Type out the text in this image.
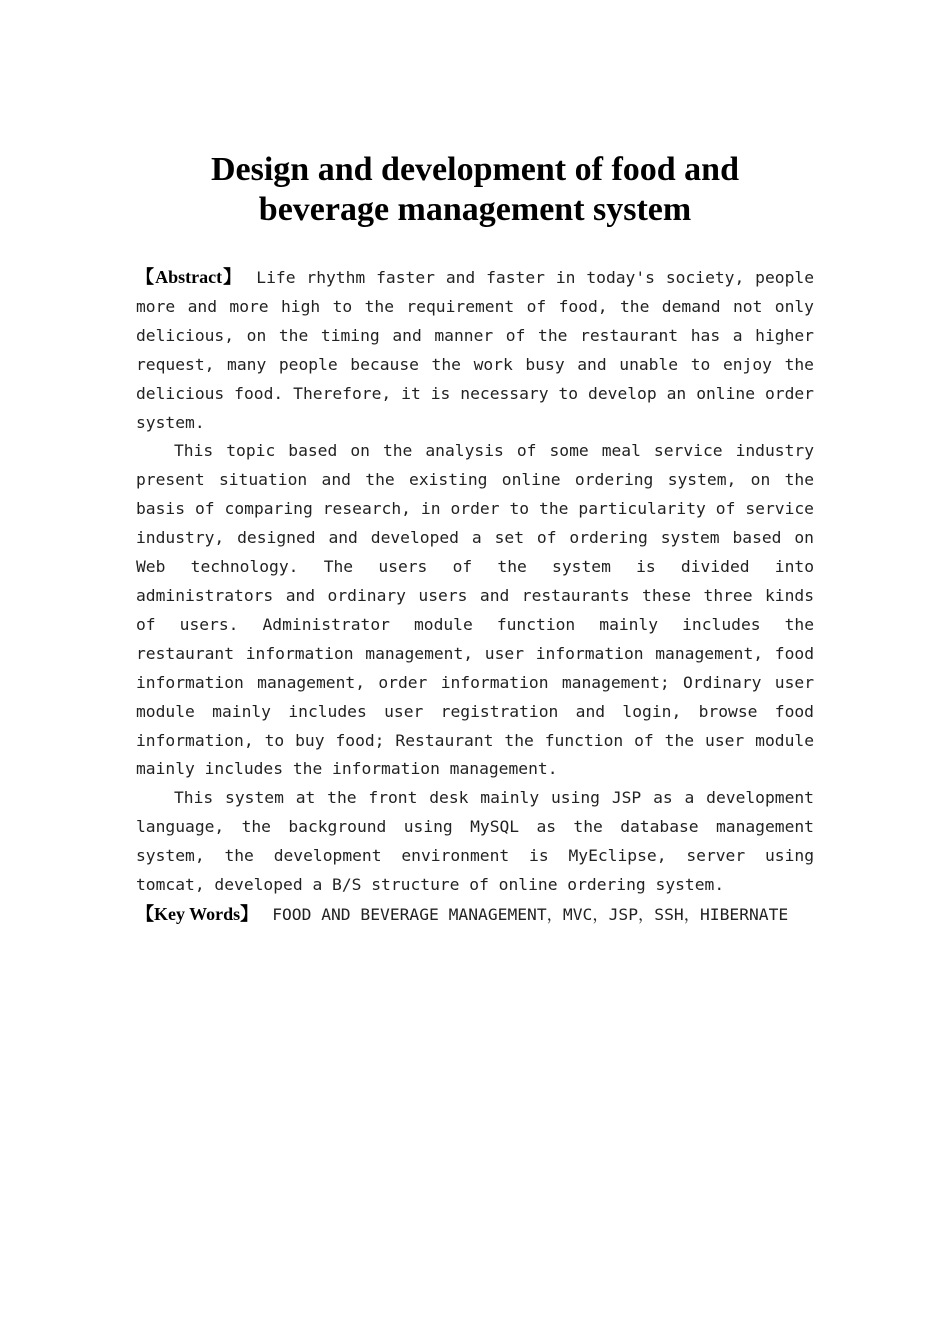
Design and development of food and
beverage management system

【Abstract】 Life rhythm faster and faster in today's society, people more and more high to the requirement of food, the demand not only delicious, on the timing and manner of the restaurant has a higher request, many people because the work busy and unable to enjoy the delicious food. Therefore, it is necessary to develop an online order system.

This topic based on the analysis of some meal service industry present situation and the existing online ordering system, on the basis of comparing research, in order to the particularity of service industry, designed and developed a set of ordering system based on Web technology. The users of the system is divided into administrators and ordinary users and restaurants these three kinds of users. Administrator module function mainly includes the restaurant information management, user information management, food information management, order information management; Ordinary user module mainly includes user registration and login, browse food information, to buy food; Restaurant the function of the user module mainly includes the information management.

This system at the front desk mainly using JSP as a development language, the background using MySQL as the database management system, the development environment is MyEclipse, server using tomcat, developed a B/S structure of online ordering system.

【Key Words】 FOOD AND BEVERAGE MANAGEMENT，MVC，JSP，SSH，HIBERNATE
